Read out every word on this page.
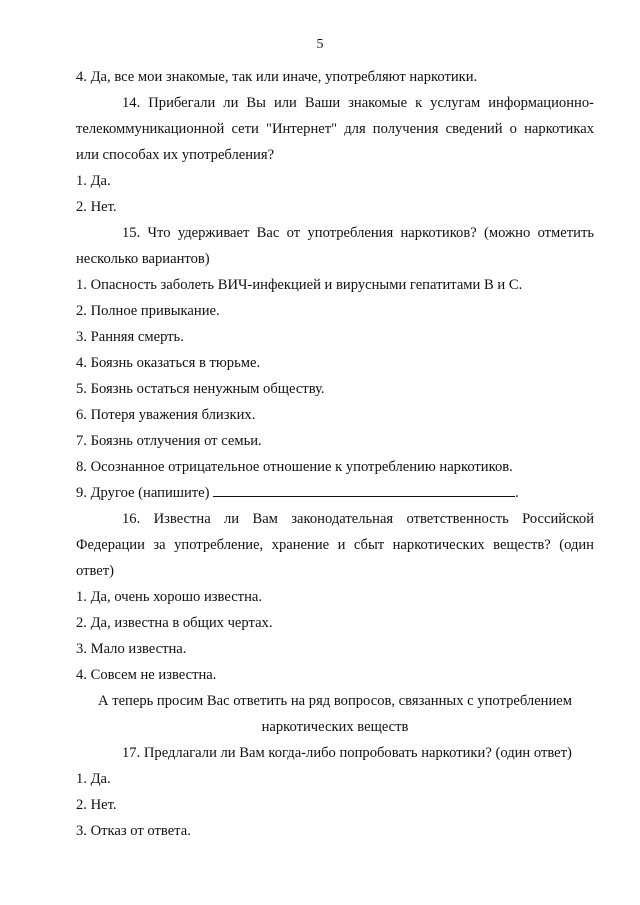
5
4. Да, все мои знакомые, так или иначе, употребляют наркотики.
14. Прибегали ли Вы или Ваши знакомые к услугам информационно-телекоммуникационной сети "Интернет" для получения сведений о наркотиках или способах их употребления?
1. Да.
2. Нет.
15. Что удерживает Вас от употребления наркотиков? (можно отметить несколько вариантов)
1. Опасность заболеть ВИЧ-инфекцией и вирусными гепатитами В и С.
2. Полное привыкание.
3. Ранняя смерть.
4. Боязнь оказаться в тюрьме.
5. Боязнь остаться ненужным обществу.
6. Потеря уважения близких.
7. Боязнь отлучения от семьи.
8. Осознанное отрицательное отношение к употреблению наркотиков.
9. Другое (напишите)	.
16. Известна ли Вам законодательная ответственность Российской Федерации за употребление, хранение и сбыт наркотических веществ? (один ответ)
1. Да, очень хорошо известна.
2. Да, известна в общих чертах.
3. Мало известна.
4. Совсем не известна.
А теперь просим Вас ответить на ряд вопросов, связанных с употреблением
наркотических веществ
17. Предлагали ли Вам когда-либо попробовать наркотики? (один ответ)
1. Да.
2. Нет.
3. Отказ от ответа.
